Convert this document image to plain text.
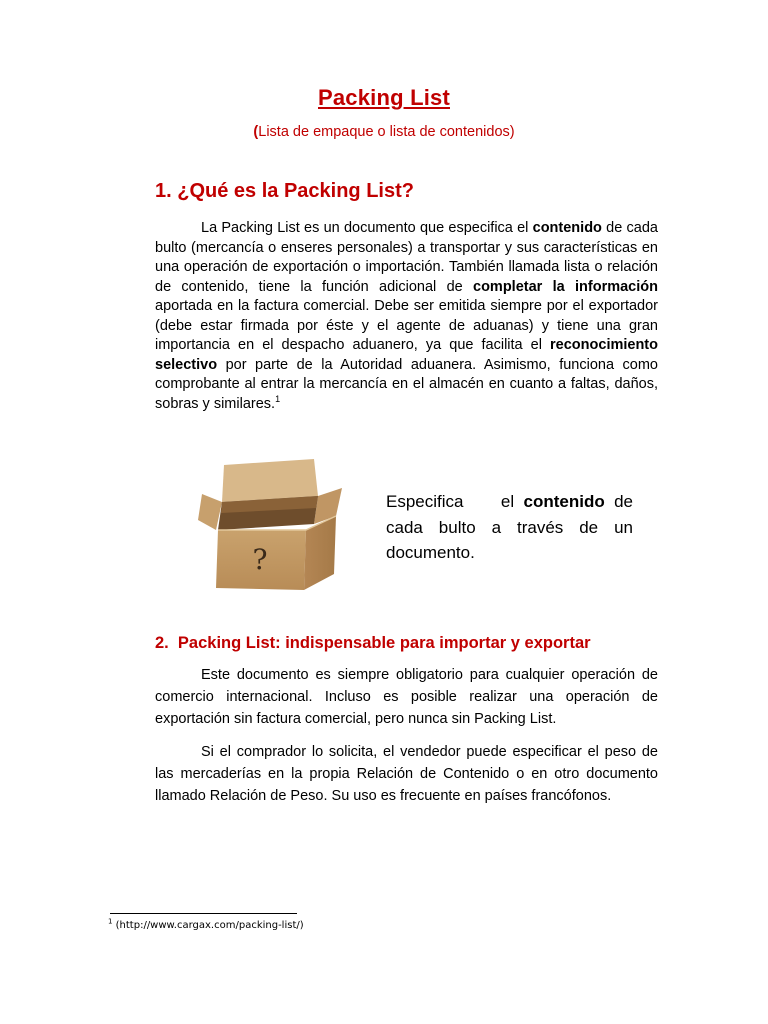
Packing List
(Lista de empaque o lista de contenidos)
1. ¿Qué es la Packing List?
La Packing List es un documento que especifica el contenido de cada bulto (mercancía o enseres personales) a transportar y sus características en una operación de exportación o importación. También llamada lista o relación de contenido, tiene la función adicional de completar la información aportada en la factura comercial. Debe ser emitida siempre por el exportador (debe estar firmada por éste y el agente de aduanas) y tiene una gran importancia en el despacho aduanero, ya que facilita el reconocimiento selectivo por parte de la Autoridad aduanera. Asimismo, funciona como comprobante al entrar la mercancía en el almacén en cuanto a faltas, daños, sobras y similares.$^1$
?
Especifica    el contenido de cada bulto a través de un documento.
2.  Packing List: indispensable para importar y exportar
Este documento es siempre obligatorio para cualquier operación de comercio internacional. Incluso es posible realizar una operación de exportación sin factura comercial, pero nunca sin Packing List.
Si el comprador lo solicita, el vendedor puede especificar el peso de las mercaderías en la propia Relación de Contenido o en otro documento llamado Relación de Peso. Su uso es frecuente en países francófonos.
$^1$ (http://www.cargax.com/packing-list/)
